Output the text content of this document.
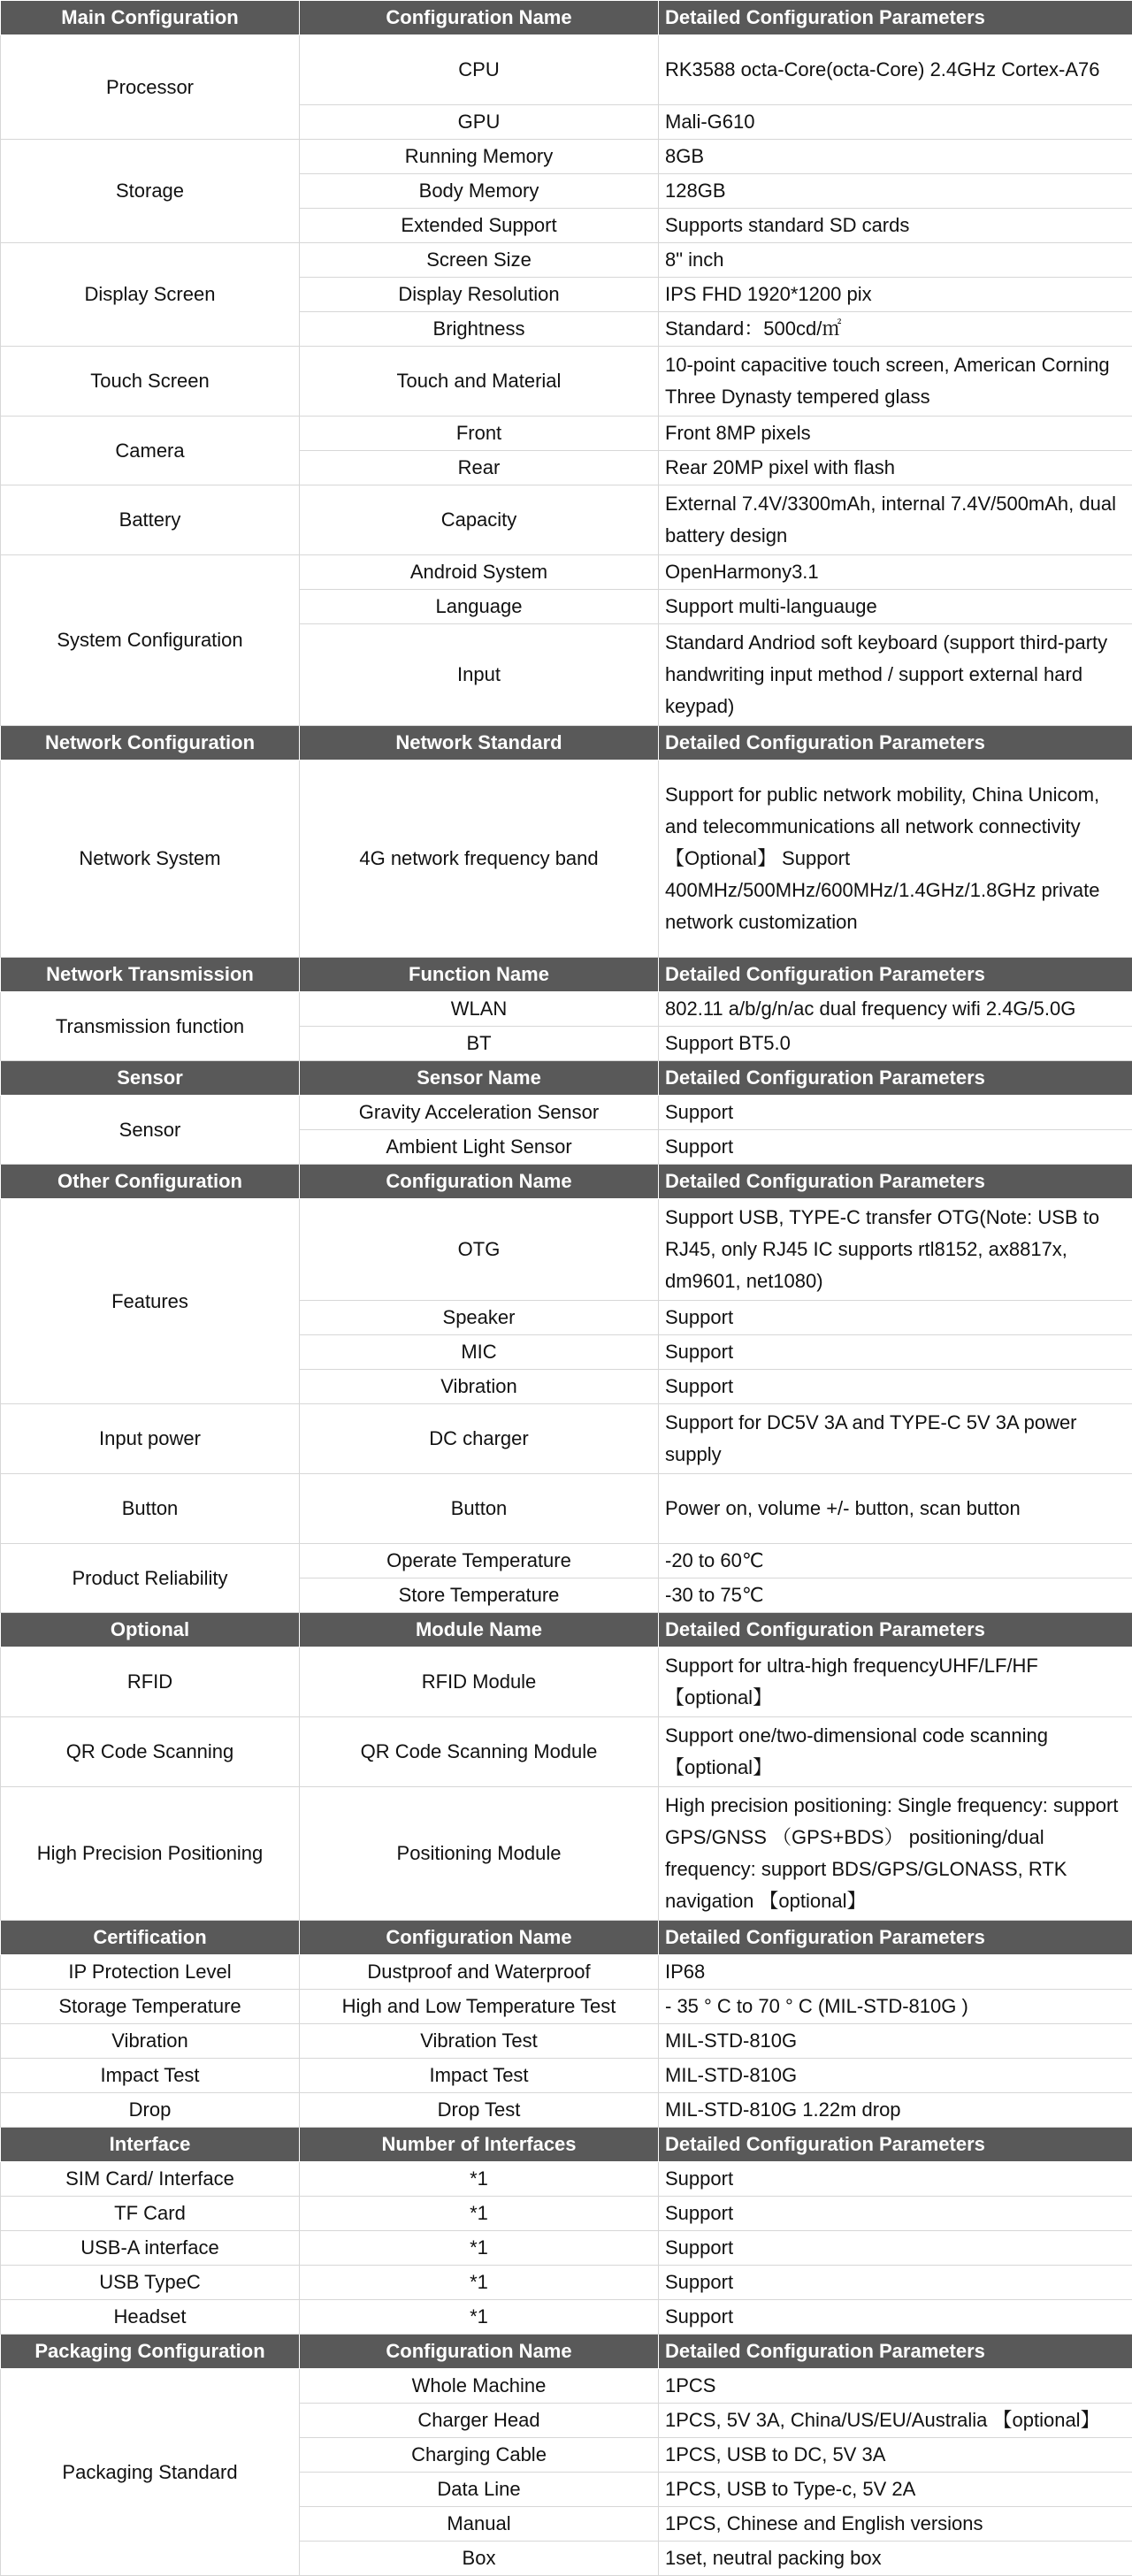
Main Configuration	Configuration Name	Detailed Configuration Parameters
Processor	CPU	RK3588 octa-Core(octa-Core) 2.4GHz Cortex-A76
	GPU	Mali-G610
Storage	Running Memory	8GB
	Body Memory	128GB
	Extended Support	Supports standard SD cards
Display Screen	Screen Size	8" inch
	Display Resolution	IPS FHD 1920*1200 pix
	Brightness	Standard：500cd/㎡
Touch Screen	Touch and Material	10-point capacitive touch screen, American Corning Three Dynasty tempered glass
Camera	Front	Front 8MP pixels
	Rear	Rear 20MP pixel with flash
Battery	Capacity	External 7.4V/3300mAh, internal 7.4V/500mAh, dual battery design
System Configuration	Android System	OpenHarmony3.1
	Language	Support multi-languauge
	Input	Standard Andriod soft keyboard (support third-party handwriting input method / support external hard keypad)
Network Configuration	Network Standard	Detailed Configuration Parameters
Network System	4G network frequency band	Support for public network mobility, China Unicom, and telecommunications all network connectivity【Optional】 Support 400MHz/500MHz/600MHz/1.4GHz/1.8GHz private network customization
Network Transmission	Function Name	Detailed Configuration Parameters
Transmission function	WLAN	802.11 a/b/g/n/ac dual frequency wifi 2.4G/5.0G
	BT	Support BT5.0
Sensor	Sensor Name	Detailed Configuration Parameters
Sensor	Gravity Acceleration Sensor	Support
	Ambient Light Sensor	Support
Other Configuration	Configuration Name	Detailed Configuration Parameters
Features	OTG	Support USB, TYPE-C transfer OTG(Note: USB to RJ45, only RJ45 IC supports rtl8152, ax8817x, dm9601, net1080)
	Speaker	Support
	MIC	Support
	Vibration	Support
Input power	DC charger	Support for DC5V 3A and TYPE-C 5V 3A power supply
Button	Button	Power on, volume +/- button, scan button
Product Reliability	Operate Temperature	-20 to 60℃
	Store Temperature	-30 to 75℃
Optional	Module Name	Detailed Configuration Parameters
RFID	RFID Module	Support for ultra-high frequencyUHF/LF/HF【optional】
QR Code Scanning	QR Code Scanning Module	Support one/two-dimensional code scanning【optional】
High Precision Positioning	Positioning Module	High precision positioning: Single frequency: support GPS/GNSS （GPS+BDS） positioning/dual frequency: support BDS/GPS/GLONASS, RTK navigation 【optional】
Certification	Configuration Name	Detailed Configuration Parameters
IP Protection Level	Dustproof and Waterproof	IP68
Storage Temperature	High and Low Temperature Test	- 35 ° C to 70 ° C (MIL-STD-810G )
Vibration	Vibration Test	MIL-STD-810G
Impact Test	Impact Test	MIL-STD-810G
Drop	Drop Test	MIL-STD-810G 1.22m drop
Interface	Number of Interfaces	Detailed Configuration Parameters
SIM Card/ Interface	*1	Support
TF Card	*1	Support
USB-A interface	*1	Support
USB TypeC	*1	Support
Headset	*1	Support
Packaging Configuration	Configuration Name	Detailed Configuration Parameters
Packaging Standard	Whole Machine	1PCS
	Charger Head	1PCS, 5V 3A, China/US/EU/Australia 【optional】
	Charging Cable	1PCS, USB to DC, 5V 3A
	Data Line	1PCS, USB to Type-c, 5V 2A
	Manual	1PCS, Chinese and English versions
	Box	1set, neutral packing box
